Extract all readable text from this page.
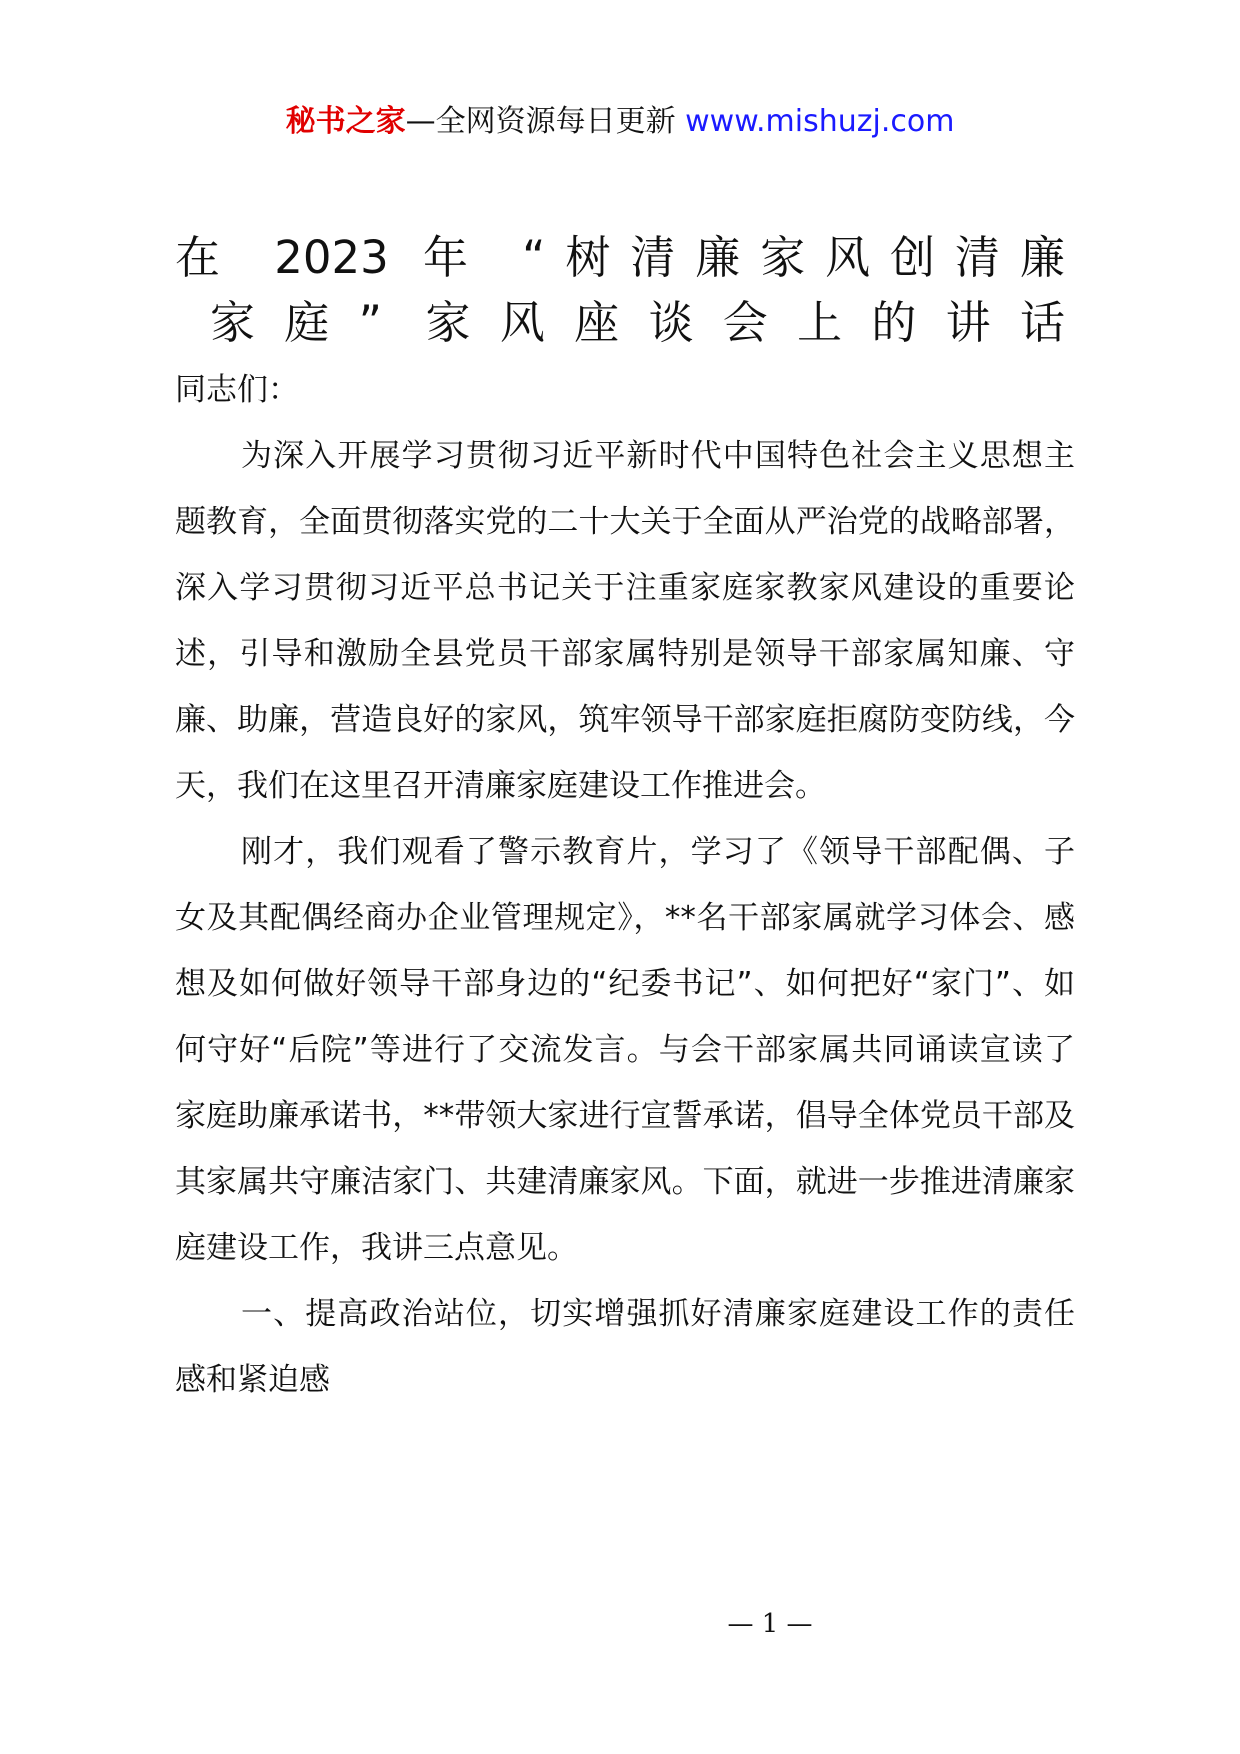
秘书之家—全网资源每日更新 www.mishuzj.com
在 2023 年 “树清廉家风创清廉
家庭” 家风座谈会上的讲话

同志们：

为深入开展学习贯彻习近平新时代中国特色社会主义思想主题教育，全面贯彻落实党的二十大关于全面从严治党的战略部署，深入学习贯彻习近平总书记关于注重家庭家教家风建设的重要论述，引导和激励全县党员干部家属特别是领导干部家属知廉、守廉、助廉，营造良好的家风，筑牢领导干部家庭拒腐防变防线，今天，我们在这里召开清廉家庭建设工作推进会。

刚才，我们观看了警示教育片，学习了《领导干部配偶、子女及其配偶经商办企业管理规定》，**名干部家属就学习体会、感想及如何做好领导干部身边的“纪委书记”、如何把好“家门”、如何守好“后院”等进行了交流发言。与会干部家属共同诵读宣读了家庭助廉承诺书，**带领大家进行宣誓承诺，倡导全体党员干部及其家属共守廉洁家门、共建清廉家风。下面，就进一步推进清廉家庭建设工作，我讲三点意见。

一、提高政治站位，切实增强抓好清廉家庭建设工作的责任感和紧迫感

— 1 —
